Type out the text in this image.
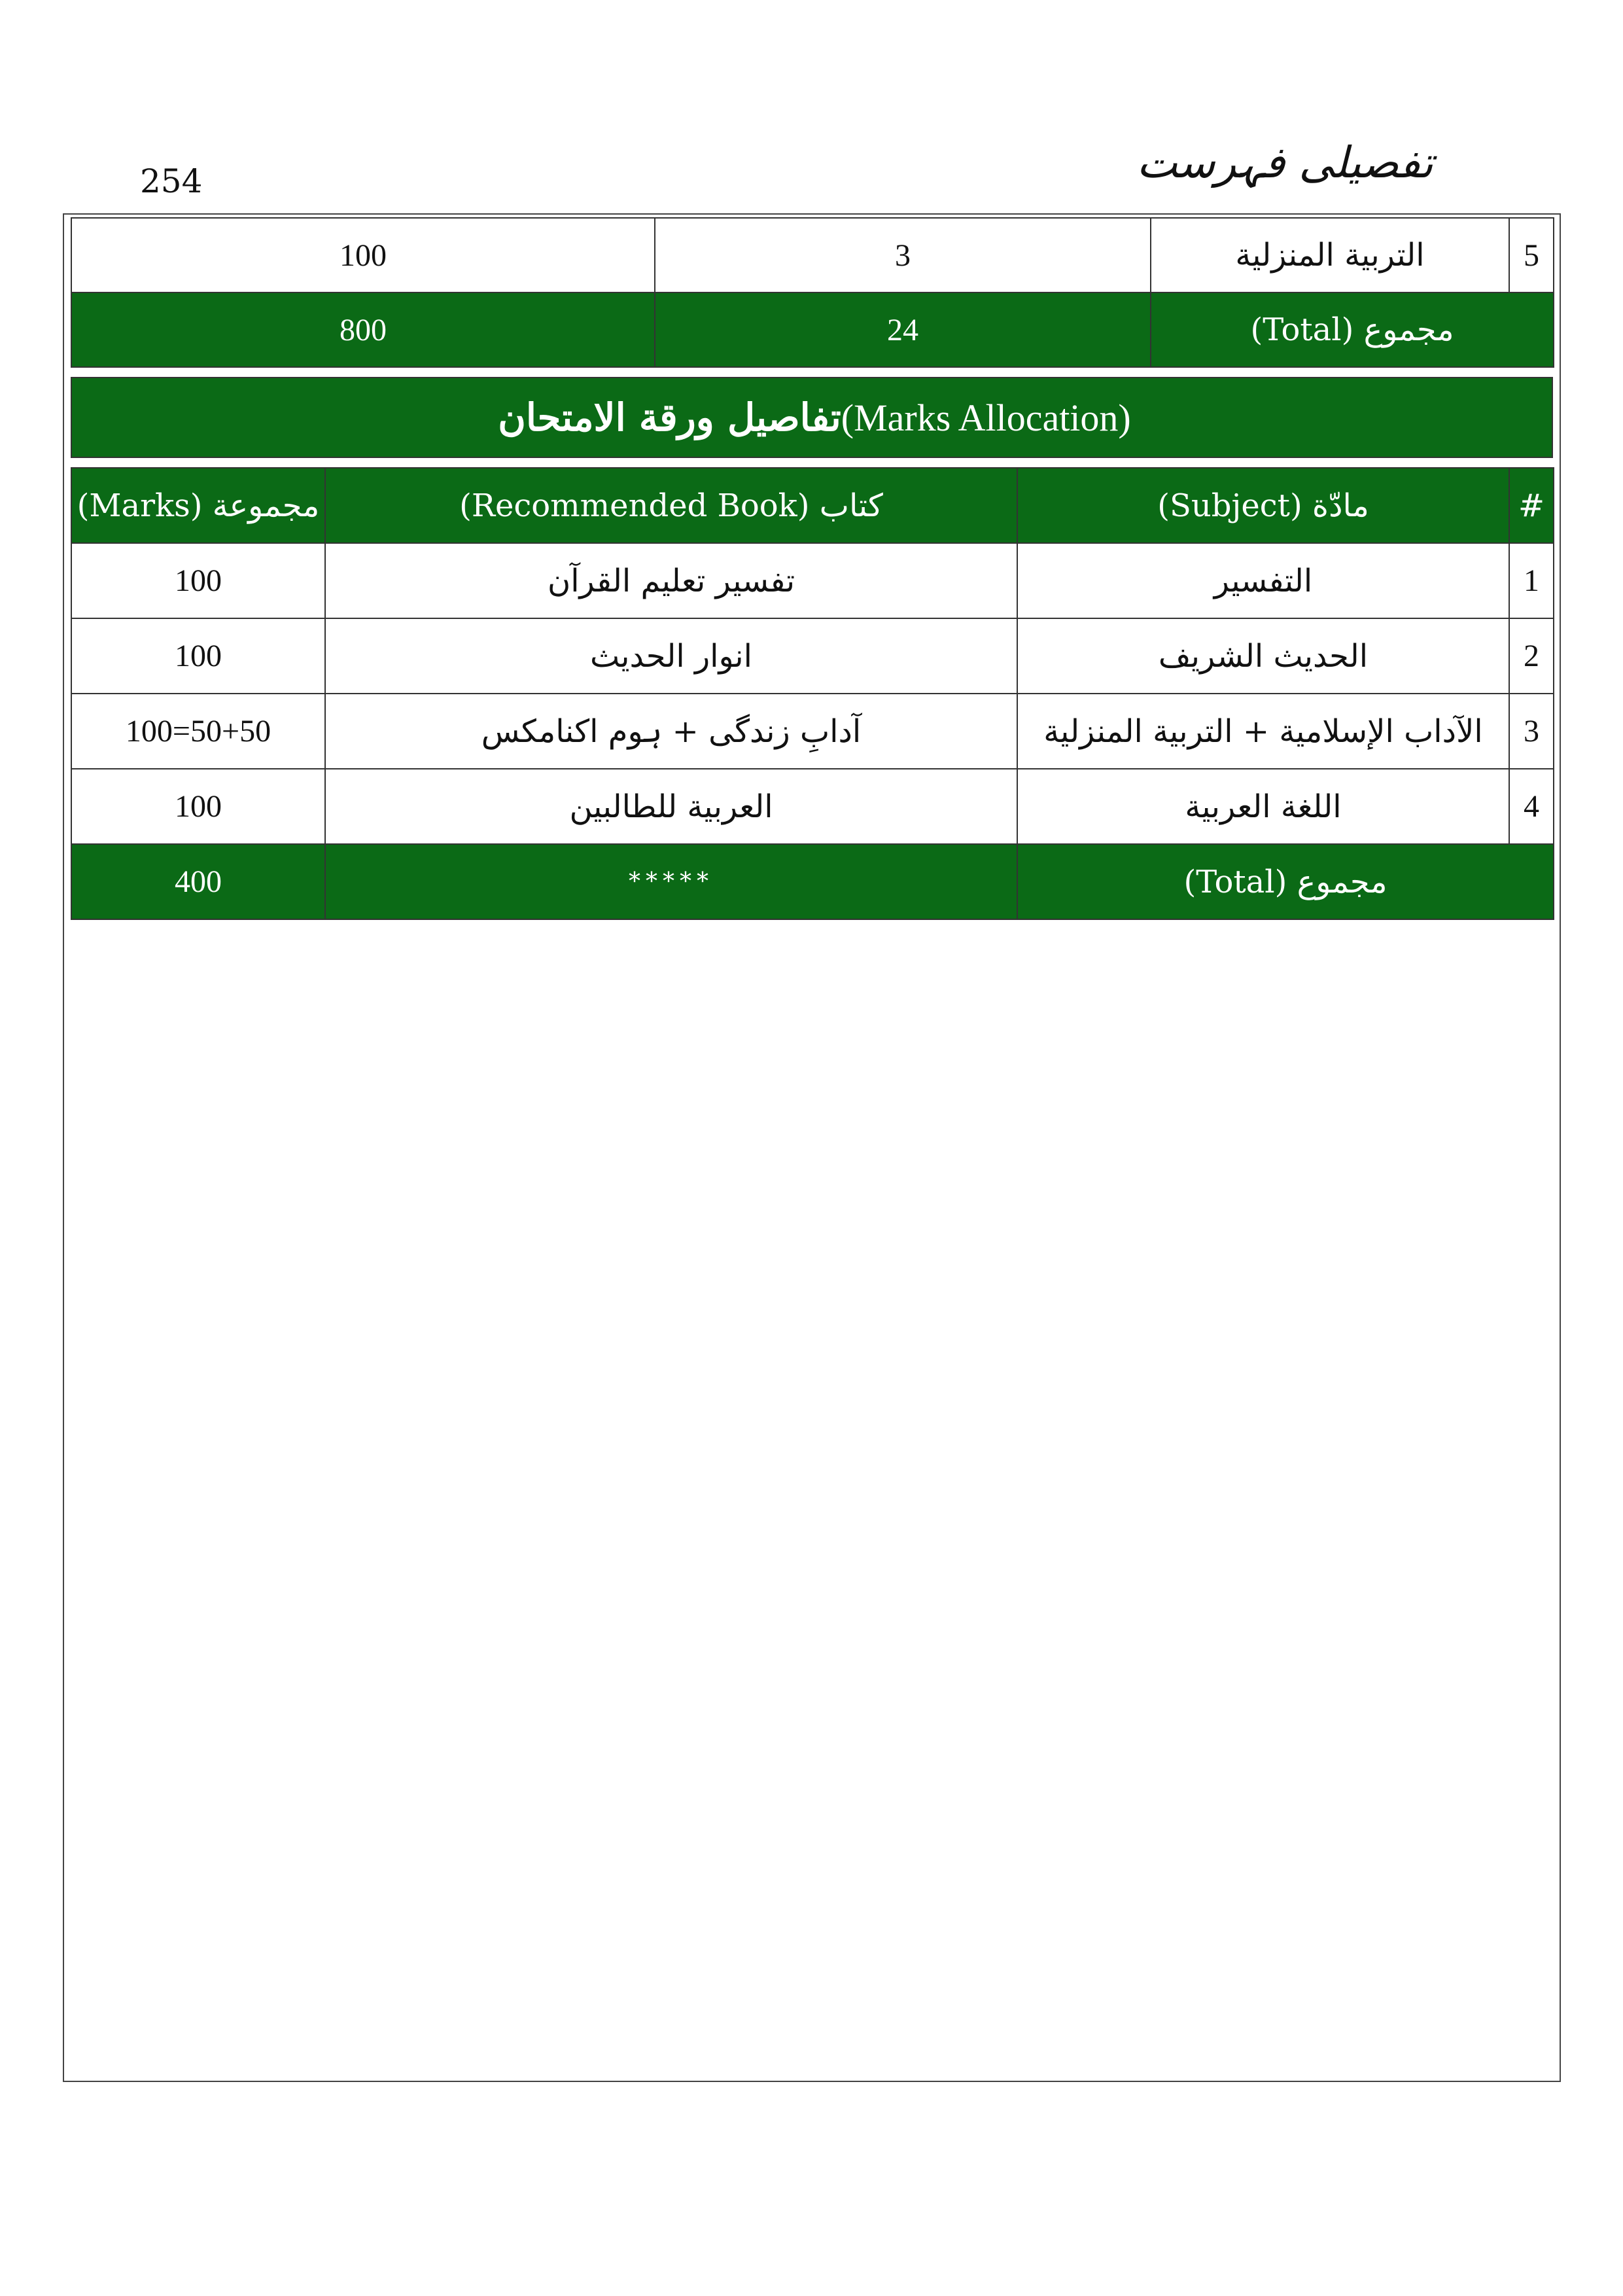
254	تفصیلی فہرست
5	التربية المنزلية	3	100
مجموع (Total)		24	800
تفاصيل ورقة الامتحان (Marks Allocation)
#	مادّة (Subject)	كتاب (Recommended Book)	مجموعة (Marks)
1	التفسير	تفسیر تعلیم القرآن	100
2	الحديث الشريف	انوار الحدیث	100
3	الآداب الإسلامية + التربية المنزلية	آدابِ زندگی + ہوم اکنامکس	100=50+50
4	اللغة العربية	العربية للطالبين	100
مجموع (Total)		*****	400
